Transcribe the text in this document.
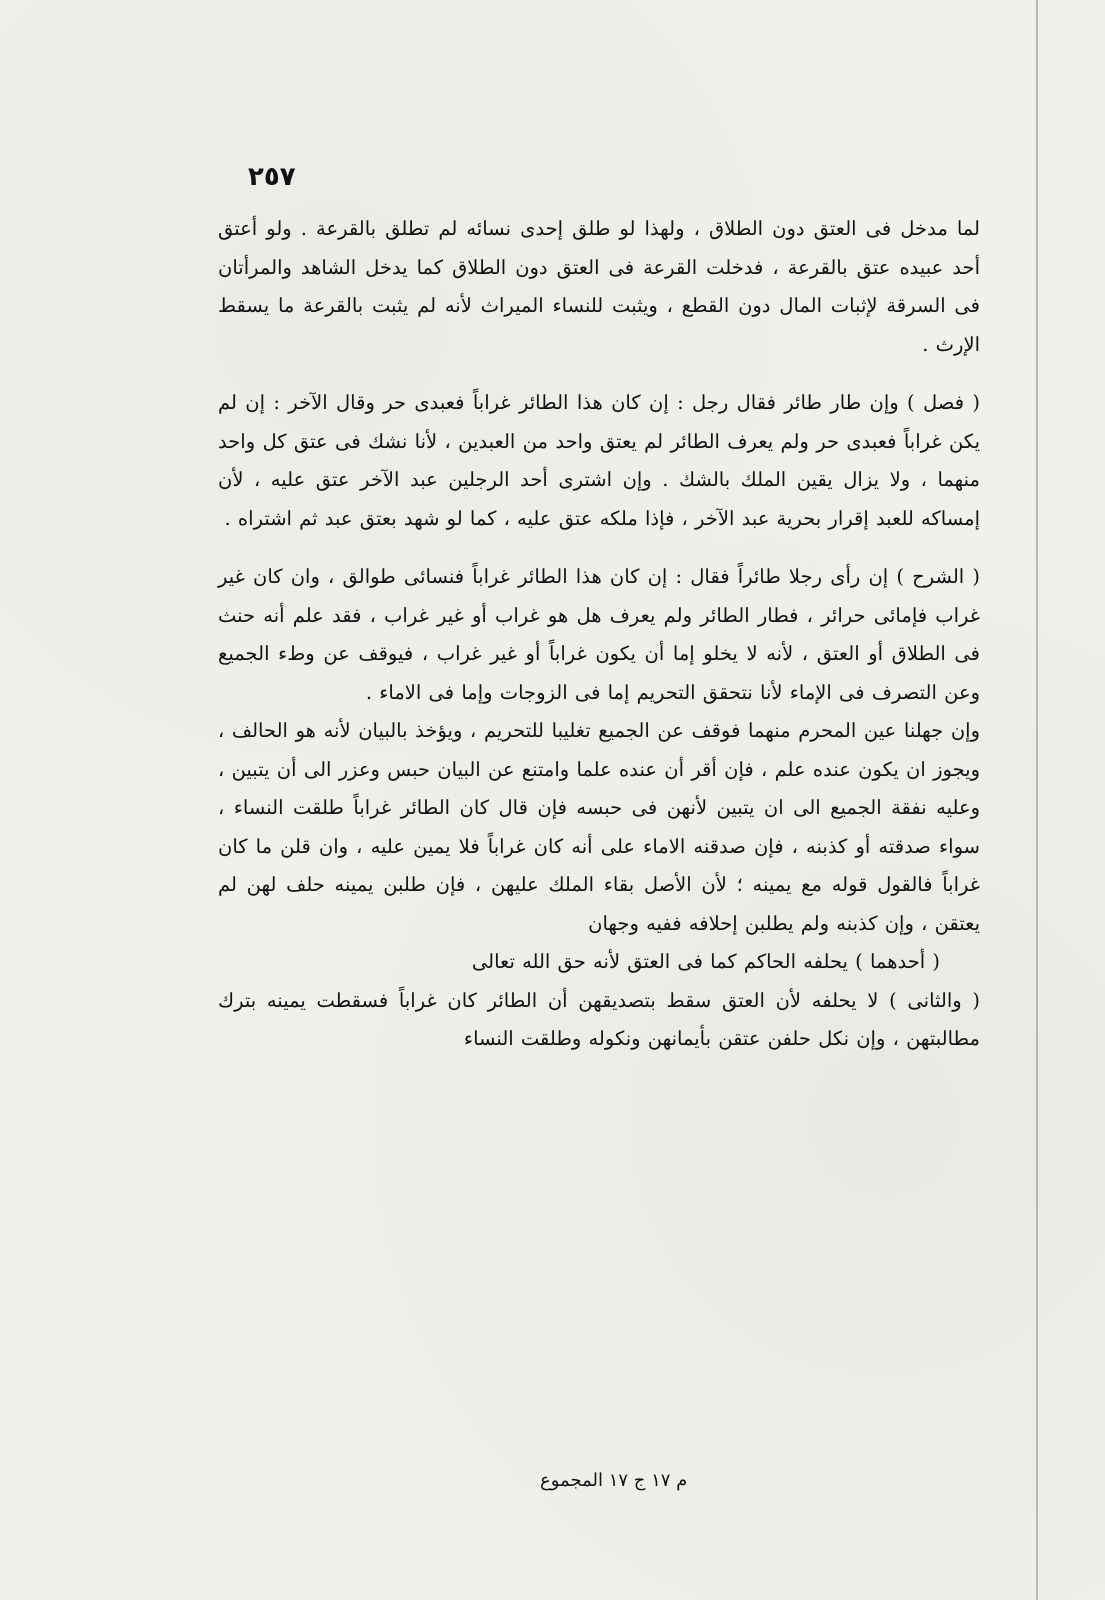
٢٥٧

لما مدخل فى العتق دون الطلاق ، ولهذا لو طلق إحدى نسائه لم تطلق بالقرعة . ولو أعتق أحد عبيده عتق بالقرعة ، فدخلت القرعة فى العتق دون الطلاق كما يدخل الشاهد والمرأتان فى السرقة لإثبات المال دون القطع ، ويثبت للنساء الميراث لأنه لم يثبت بالقرعة ما يسقط الإرث .

( فصل ) وإن طار طائر فقال رجل : إن كان هذا الطائر غراباً فعبدى حر وقال الآخر : إن لم يكن غراباً فعبدى حر ولم يعرف الطائر لم يعتق واحد من العبدين ، لأنا نشك فى عتق كل واحد منهما ، ولا يزال يقين الملك بالشك . وإن اشترى أحد الرجلين عبد الآخر عتق عليه ، لأن إمساكه للعبد إقرار بحرية عبد الآخر ، فإذا ملكه عتق عليه ، كما لو شهد بعتق عبد ثم اشتراه .

( الشرح ) إن رأى رجلا طائراً فقال : إن كان هذا الطائر غراباً فنسائى طوالق ، وان كان غير غراب فإمائى حرائر ، فطار الطائر ولم يعرف هل هو غراب أو غير غراب ، فقد علم أنه حنث فى الطلاق أو العتق ، لأنه لا يخلو إما أن يكون غراباً أو غير غراب ، فيوقف عن وطء الجميع وعن التصرف فى الإماء لأنا نتحقق التحريم إما فى الزوجات وإما فى الاماء .

وإن جهلنا عين المحرم منهما فوقف عن الجميع تغليبا للتحريم ، ويؤخذ بالبيان لأنه هو الحالف ، ويجوز ان يكون عنده علم ، فإن أقر أن عنده علما وامتنع عن البيان حبس وعزر الى أن يتبين ، وعليه نفقة الجميع الى ان يتبين لأنهن فى حبسه فإن قال كان الطائر غراباً طلقت النساء ، سواء صدقته أو كذبنه ، فإن صدقنه الاماء على أنه كان غراباً فلا يمين عليه ، وان قلن ما كان غراباً فالقول قوله مع يمينه ؛ لأن الأصل بقاء الملك عليهن ، فإن طلبن يمينه حلف لهن لم يعتقن ، وإن كذبنه ولم يطلبن إحلافه ففيه وجهان

( أحدهما ) يحلفه الحاكم كما فى العتق لأنه حق الله تعالى

( والثانى ) لا يحلفه لأن العتق سقط بتصديقهن أن الطائر كان غراباً فسقطت يمينه بترك مطالبتهن ، وإن نكل حلفن عتقن بأيمانهن ونكوله وطلقت النساء

م ١٧ ج ١٧ المجموع
